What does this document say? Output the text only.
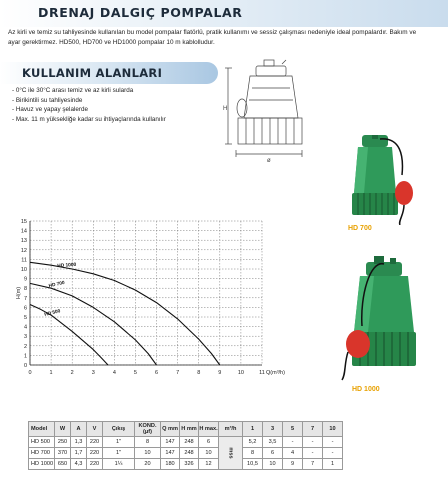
DRENAJ DALGIÇ POMPALAR
Az kirli ve temiz su tahliyesinde kullanılan bu model pompalar flatörlü, pratik kullanımı ve sessiz çalışması nedeniyle ideal pompalardır. Bakım ve ayar gerektirmez. HD500, HD700 ve HD1000 pompalar 10 m kablolludur.
KULLANIM ALANLARI
- 0°C ile 30°C arası temiz ve az kirli sularda
- Birikintili su tahliyesinde
- Havuz ve yapay şelalerde
- Max. 11 m yüksekliğe kadar su ihtiyaçlarında kullanılır
H
ø
HD 700
HD 1000
0
1
2
3
4
5
6
7
8
9
10
11
12
13
14
15
0	1	2	3	4	5	6	7	8	9	10	11 Q(m³/h)
H(m)
HD 1000
HD 700
HD 500
Model	W	A	V	Çıkış	KOND. (μf)	Q mm	H mm	H max.	m³/h	1	3	5	7	10
HD 500	250	1,3	220	1"	8	147	248	6	mss	5,2	3,5	-	-	-
HD 700	370	1,7	220	1"	10	147	248	10		8	6	4	-	-
HD 1000	650	4,3	220	1¼	20	180	326	12		10,5	10	9	7	1
